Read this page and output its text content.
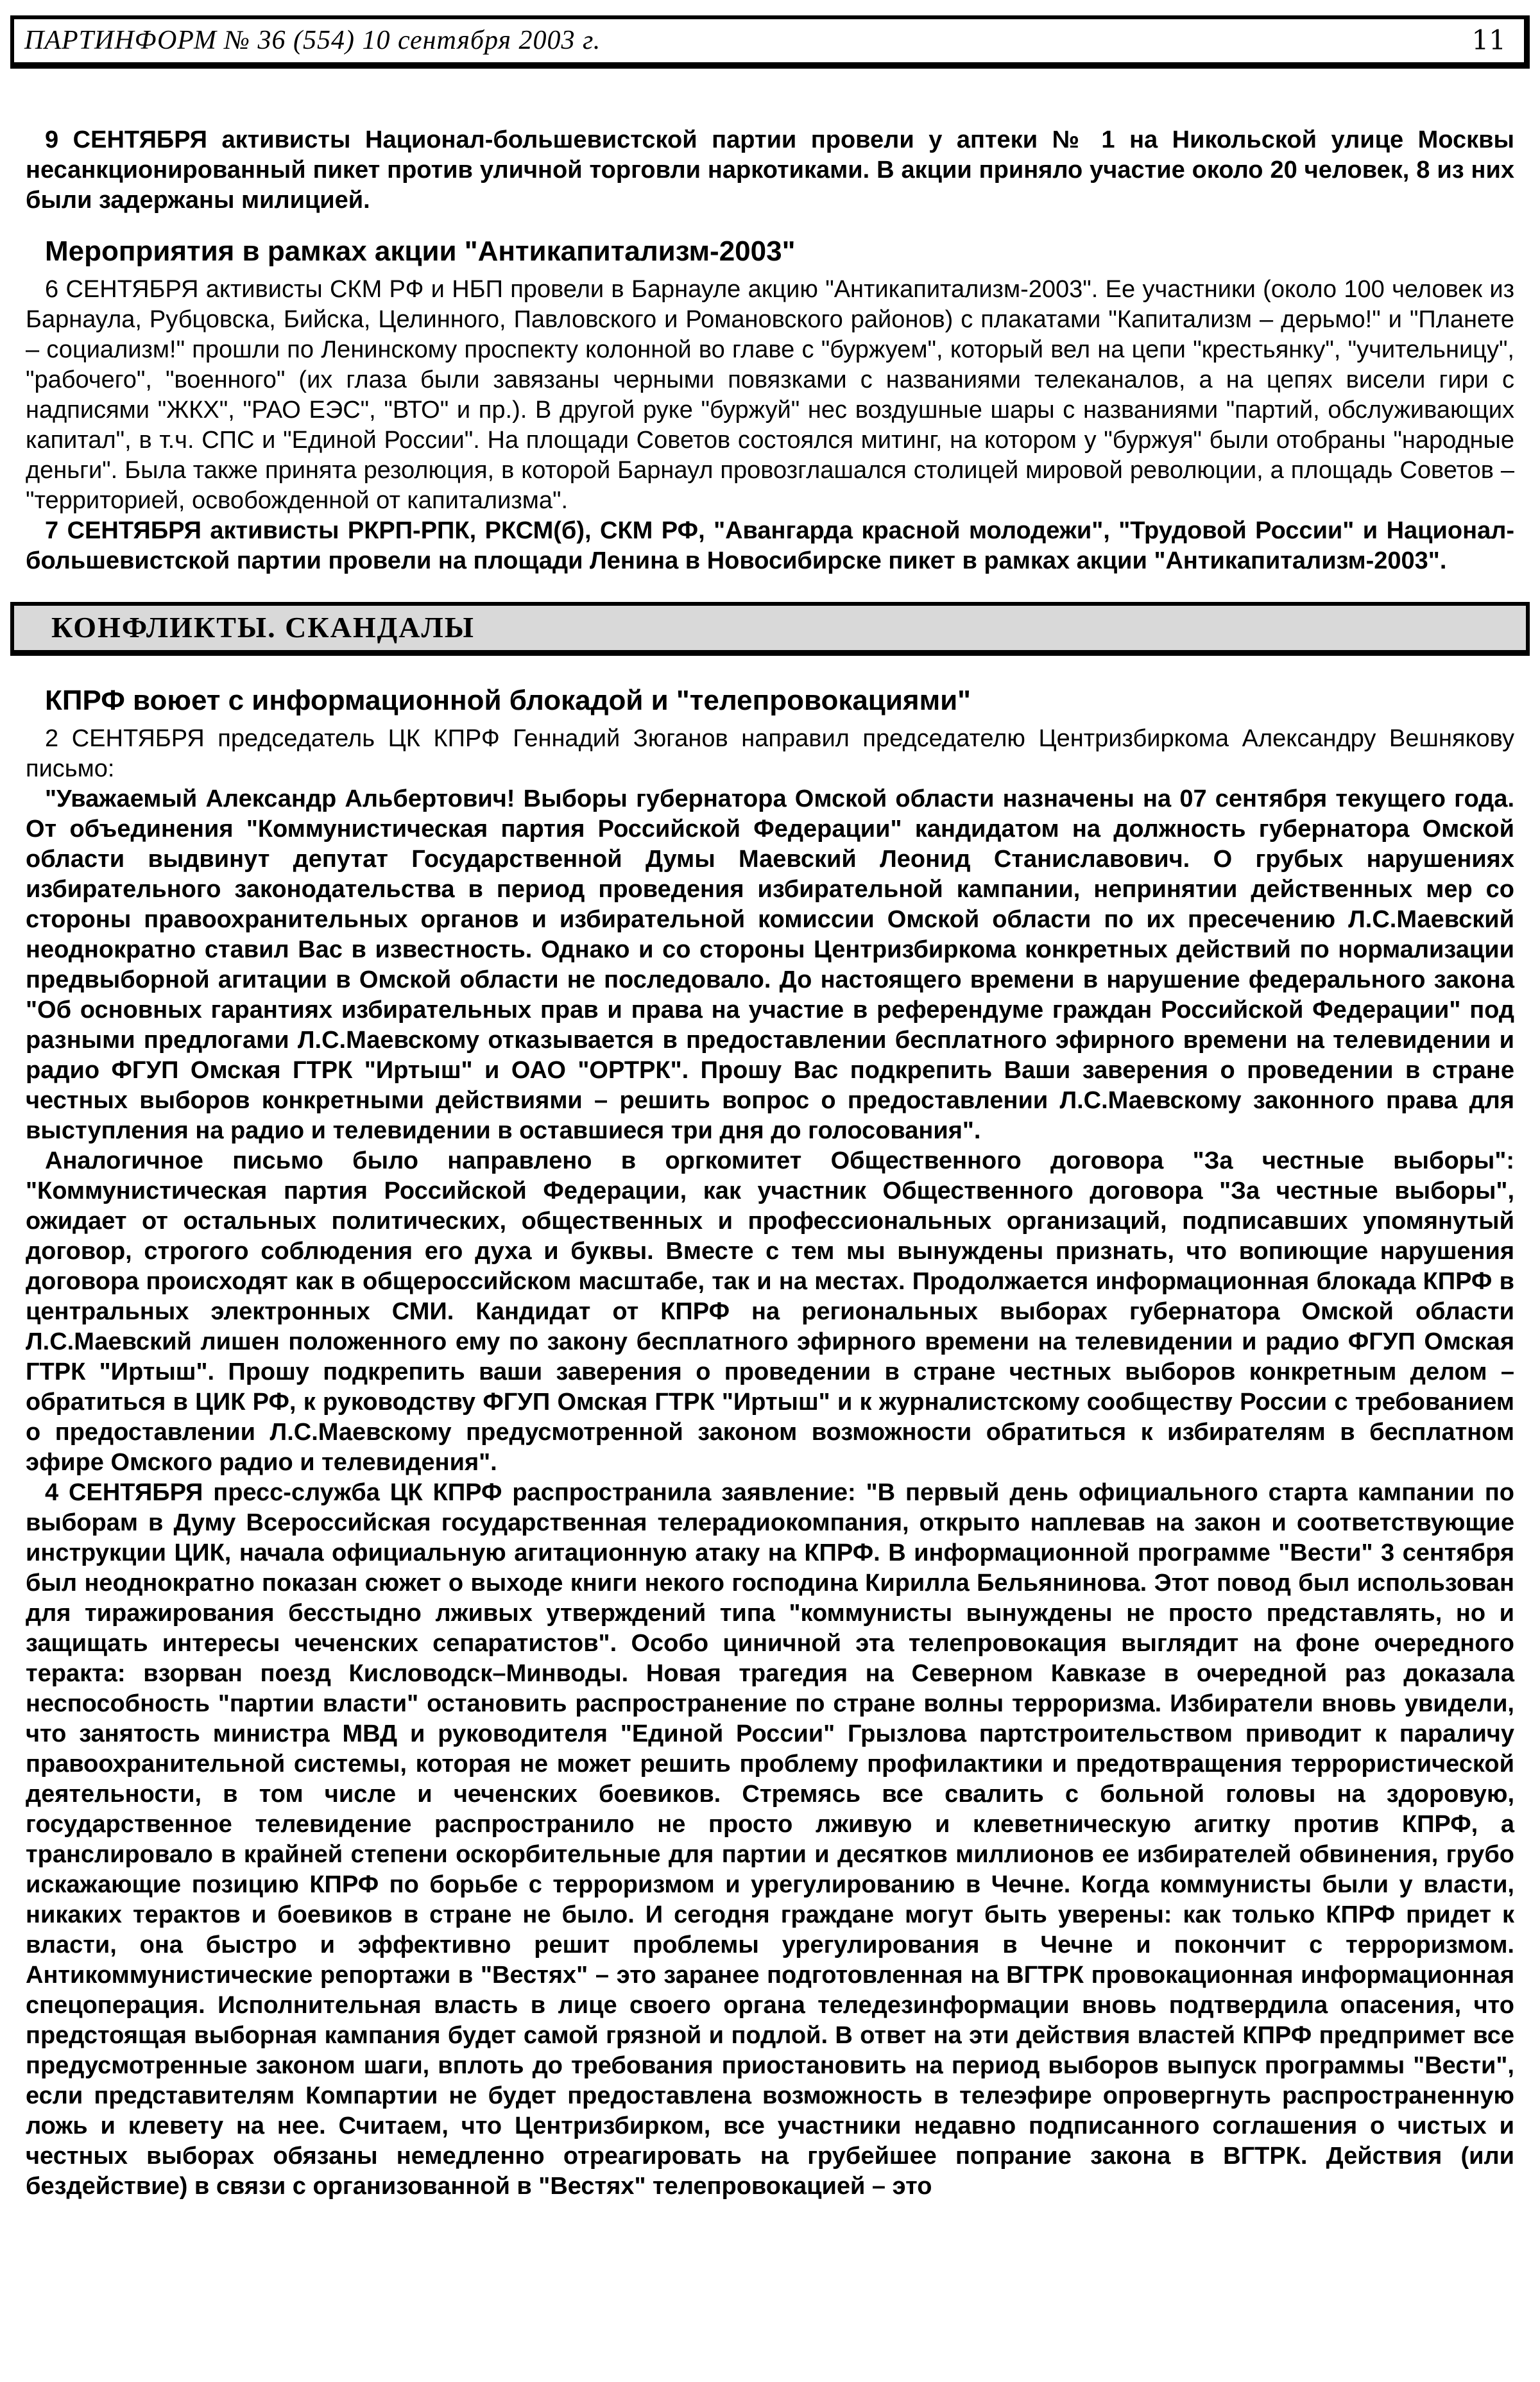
ПАРТИНФОРМ № 36 (554) 10 сентября 2003 г.	11

9 СЕНТЯБРЯ активисты Национал-большевистской партии провели у аптеки № 1 на Никольской улице Москвы несанкционированный пикет против уличной торговли наркотиками. В акции приняло участие около 20 человек, 8 из них были задержаны милицией.

Мероприятия в рамках акции "Антикапитализм-2003"

6 СЕНТЯБРЯ активисты СКМ РФ и НБП провели в Барнауле акцию "Антикапитализм-2003". Ее участники (около 100 человек из Барнаула, Рубцовска, Бийска, Целинного, Павловского и Романовского районов) с плакатами "Капитализм – дерьмо!" и "Планете – социализм!" прошли по Ленинскому проспекту колонной во главе с "буржуем", который вел на цепи "крестьянку", "учительницу", "рабочего", "военного" (их глаза были завязаны черными повязками с названиями телеканалов, а на цепях висели гири с надписями "ЖКХ", "РАО ЕЭС", "ВТО" и пр.). В другой руке "буржуй" нес воздушные шары с названиями "партий, обслуживающих капитал", в т.ч. СПС и "Единой России". На площади Советов состоялся митинг, на котором у "буржуя" были отобраны "народные деньги". Была также принята резолюция, в которой Барнаул провозглашался столицей мировой революции, а площадь Советов – "территорией, освобожденной от капитализма".

7 СЕНТЯБРЯ активисты РКРП-РПК, РКСМ(б), СКМ РФ, "Авангарда красной молодежи", "Трудовой России" и Национал-большевистской партии провели на площади Ленина в Новосибирске пикет в рамках акции "Антикапитализм-2003".

КОНФЛИКТЫ. СКАНДАЛЫ
КПРФ воюет с информационной блокадой и "телепровокациями"

2 СЕНТЯБРЯ председатель ЦК КПРФ Геннадий Зюганов направил председателю Центризбиркома Александру Вешнякову письмо:

"Уважаемый Александр Альбертович! Выборы губернатора Омской области назначены на 07 сентября текущего года. От объединения "Коммунистическая партия Российской Федерации" кандидатом на должность губернатора Омской области выдвинут депутат Государственной Думы Маевский Леонид Станиславович. О грубых нарушениях избирательного законодательства в период проведения избирательной кампании, непринятии действенных мер со стороны правоохранительных органов и избирательной комиссии Омской области по их пресечению Л.С.Маевский неоднократно ставил Вас в известность. Однако и со стороны Центризбиркома конкретных действий по нормализации предвыборной агитации в Омской области не последовало. До настоящего времени в нарушение федерального закона "Об основных гарантиях избирательных прав и права на участие в референдуме граждан Российской Федерации" под разными предлогами Л.С.Маевскому отказывается в предоставлении бесплатного эфирного времени на телевидении и радио ФГУП Омская ГТРК "Иртыш" и ОАО "ОРТРК". Прошу Вас подкрепить Ваши заверения о проведении в стране честных выборов конкретными действиями – решить вопрос о предоставлении Л.С.Маевскому законного права для выступления на радио и телевидении в оставшиеся три дня до голосования".

Аналогичное письмо было направлено в оргкомитет Общественного договора "За честные выборы": "Коммунистическая партия Российской Федерации, как участник Общественного договора "За честные выборы", ожидает от остальных политических, общественных и профессиональных организаций, подписавших упомянутый договор, строгого соблюдения его духа и буквы. Вместе с тем мы вынуждены признать, что вопиющие нарушения договора происходят как в общероссийском масштабе, так и на местах. Продолжается информационная блокада КПРФ в центральных электронных СМИ. Кандидат от КПРФ на региональных выборах губернатора Омской области Л.С.Маевский лишен положенного ему по закону бесплатного эфирного времени на телевидении и радио ФГУП Омская ГТРК "Иртыш". Прошу подкрепить ваши заверения о проведении в стране честных выборов конкретным делом – обратиться в ЦИК РФ, к руководству ФГУП Омская ГТРК "Иртыш" и к журналистскому сообществу России с требованием о предоставлении Л.С.Маевскому предусмотренной законом возможности обратиться к избирателям в бесплатном эфире Омского радио и телевидения".

4 СЕНТЯБРЯ пресс-служба ЦК КПРФ распространила заявление: "В первый день официального старта кампании по выборам в Думу Всероссийская государственная телерадиокомпания, открыто наплевав на закон и соответствующие инструкции ЦИК, начала официальную агитационную атаку на КПРФ. В информационной программе "Вести" 3 сентября был неоднократно показан сюжет о выходе книги некого господина Кирилла Бельянинова. Этот повод был использован для тиражирования бесстыдно лживых утверждений типа "коммунисты вынуждены не просто представлять, но и защищать интересы чеченских сепаратистов". Особо циничной эта телепровокация выглядит на фоне очередного теракта: взорван поезд Кисловодск–Минводы. Новая трагедия на Северном Кавказе в очередной раз доказала неспособность "партии власти" остановить распространение по стране волны терроризма. Избиратели вновь увидели, что занятость министра МВД и руководителя "Единой России" Грызлова партстроительством приводит к параличу правоохранительной системы, которая не может решить проблему профилактики и предотвращения террористической деятельности, в том числе и чеченских боевиков. Стремясь все свалить с больной головы на здоровую, государственное телевидение распространило не просто лживую и клеветническую агитку против КПРФ, а транслировало в крайней степени оскорбительные для партии и десятков миллионов ее избирателей обвинения, грубо искажающие позицию КПРФ по борьбе с терроризмом и урегулированию в Чечне. Когда коммунисты были у власти, никаких терактов и боевиков в стране не было. И сегодня граждане могут быть уверены: как только КПРФ придет к власти, она быстро и эффективно решит проблемы урегулирования в Чечне и покончит с терроризмом. Антикоммунистические репортажи в "Вестях" – это заранее подготовленная на ВГТРК провокационная информационная спецоперация. Исполнительная власть в лице своего органа теледезинформации вновь подтвердила опасения, что предстоящая выборная кампания будет самой грязной и подлой. В ответ на эти действия властей КПРФ предпримет все предусмотренные законом шаги, вплоть до требования приостановить на период выборов выпуск программы "Вести", если представителям Компартии не будет предоставлена возможность в телеэфире опровергнуть распространенную ложь и клевету на нее. Считаем, что Центризбирком, все участники недавно подписанного соглашения о чистых и честных выборах обязаны немедленно отреагировать на грубейшее попрание закона в ВГТРК. Действия (или бездействие) в связи с организованной в "Вестях" телепровокацией – это
